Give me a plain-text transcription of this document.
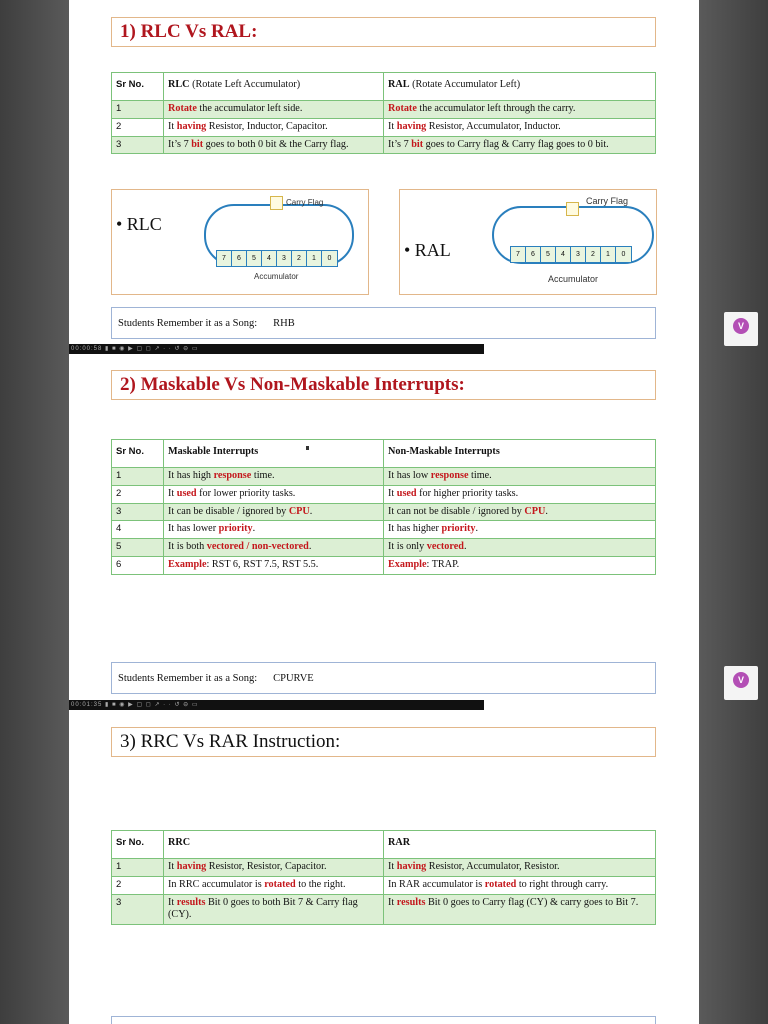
1) RLC Vs RAL:
Sr No.	RLC (Rotate Left Accumulator)	RAL (Rotate Accumulator Left)
1	Rotate the accumulator left side.	Rotate the accumulator left through the carry.
2	It having Resistor, Inductor, Capacitor.	It having Resistor, Accumulator, Inductor.
3	It’s 7 bit goes to both 0 bit & the Carry flag.	It’s 7 bit goes to Carry flag & Carry flag goes to 0 bit.
• RLC
Carry Flag
7	6	5	4	3	2	1	0
Accumulator
• RAL
Carry Flag
7	6	5	4	3	2	1	0
Accumulator
Students Remember it as a Song: RHB
2) Maskable Vs Non-Maskable Interrupts:
Sr No.	Maskable Interrupts	Non-Maskable Interrupts
1	It has high response time.	It has low response time.
2	It used for lower priority tasks.	It used for higher priority tasks.
3	It can be disable / ignored by CPU.	It can not be disable / ignored by CPU.
4	It has lower priority.	It has higher priority.
5	It is both vectored / non-vectored.	It is only vectored.
6	Example: RST 6, RST 7.5, RST 5.5.	Example: TRAP.
Students Remember it as a Song: CPURVE
3) RRC Vs RAR Instruction:
Sr No.	RRC	RAR
1	It having Resistor, Resistor, Capacitor.	It having Resistor, Accumulator, Resistor.
2	In RRC accumulator is rotated to the right.	In RAR accumulator is rotated to right through carry.
3	It results Bit 0 goes to both Bit 7 & Carry flag (CY).	It results Bit 0 goes to Carry flag (CY) & carry goes to Bit 7.
00:00:58 ▮ ■ ◉ ▶ ▢ ◻ ↗ · · ↺ ⊖ ▭
00:01:35 ▮ ■ ◉ ▶ ▢ ◻ ↗ · · ↺ ⊖ ▭
V
V
